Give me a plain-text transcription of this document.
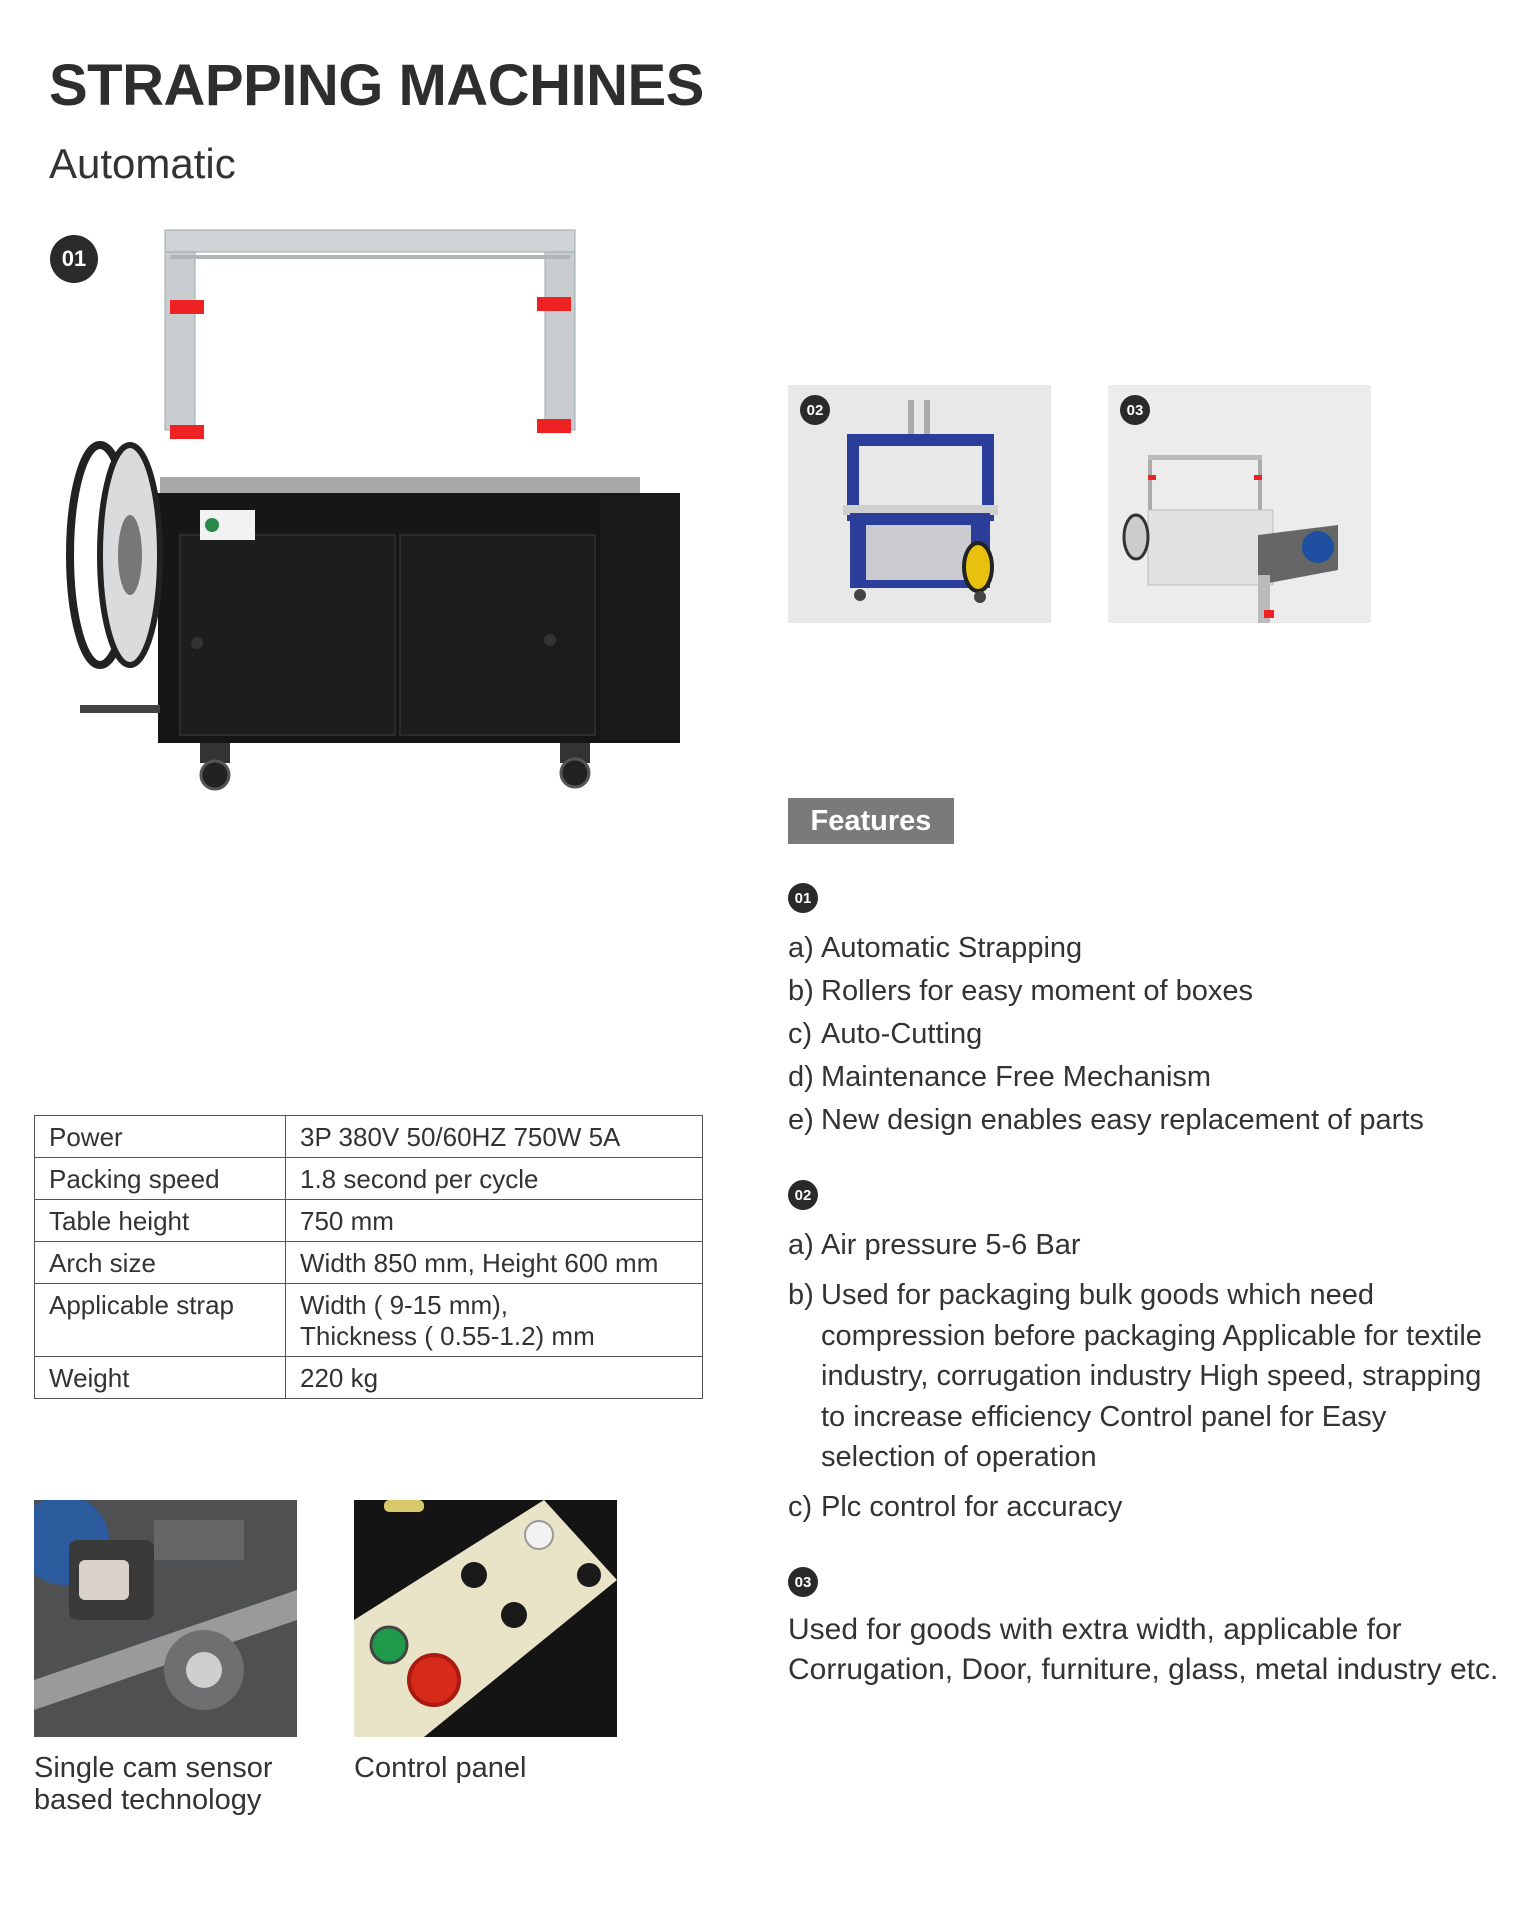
STRAPPING MACHINES
Automatic
01
02	03
Power	3P 380V 50/60HZ 750W 5A
Packing speed	1.8 second per cycle
Table height	750 mm
Arch size	Width 850 mm, Height 600 mm
Applicable strap	Width ( 9-15 mm),
Thickness ( 0.55-1.2) mm

Weight	220 kg
Single cam sensor
based technology
Control panel
Features
01
a) Automatic Strapping
b) Rollers for easy moment of boxes
c) Auto-Cutting
d) Maintenance Free Mechanism
e) New design enables easy replacement of parts
02
a) Air pressure 5-6 Bar
b) Used for packaging bulk goods which need
compression before packaging Applicable for textile
industry, corrugation industry High speed, strapping
to increase efficiency Control panel for Easy
selection of operation
c) Plc control for accuracy
03
Used for goods with extra width, applicable for
Corrugation, Door, furniture, glass, metal industry etc.
